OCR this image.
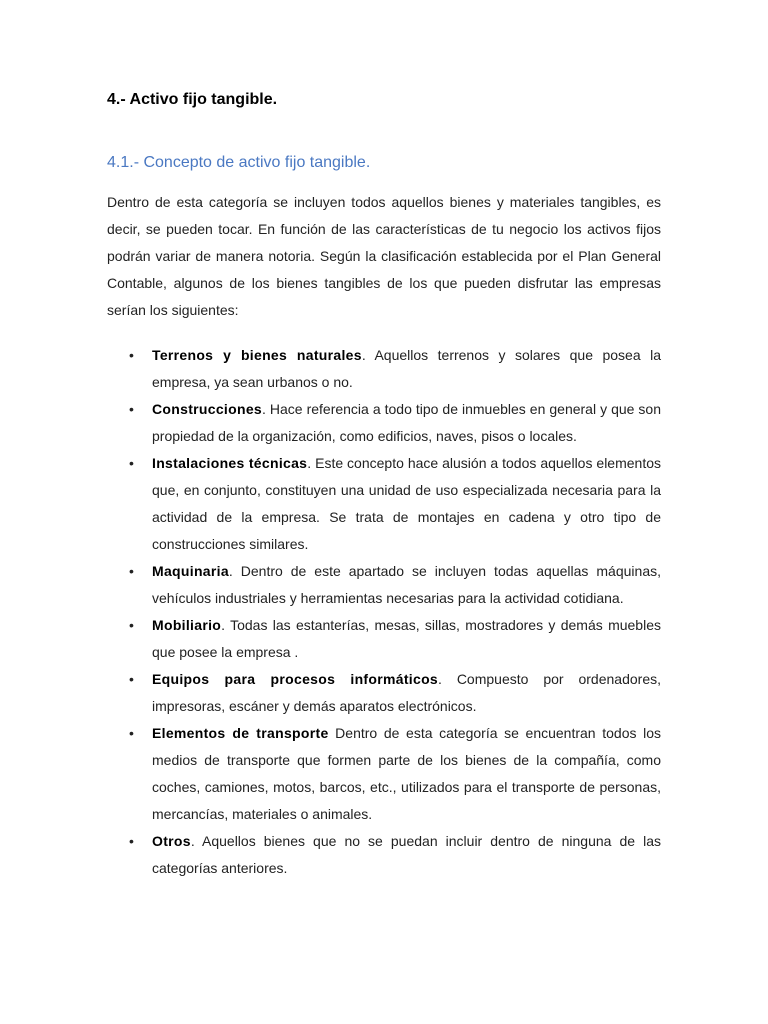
4.- Activo fijo tangible.
4.1.- Concepto de activo fijo tangible.

Dentro de esta categoría se incluyen todos aquellos bienes y materiales tangibles, es decir, se pueden tocar. En función de las características de tu negocio los activos fijos podrán variar de manera notoria. Según la clasificación establecida por el Plan General Contable, algunos de los bienes tangibles de los que pueden disfrutar las empresas serían los siguientes:

• Terrenos y bienes naturales. Aquellos terrenos y solares que posea la empresa, ya sean urbanos o no.
• Construcciones. Hace referencia a todo tipo de inmuebles en general y que son propiedad de la organización, como edificios, naves, pisos o locales.
• Instalaciones técnicas. Este concepto hace alusión a todos aquellos elementos que, en conjunto, constituyen una unidad de uso especializada necesaria para la actividad de la empresa. Se trata de montajes en cadena y otro tipo de construcciones similares.
• Maquinaria. Dentro de este apartado se incluyen todas aquellas máquinas, vehículos industriales y herramientas necesarias para la actividad cotidiana.
• Mobiliario. Todas las estanterías, mesas, sillas, mostradores y demás muebles que posee la empresa .
• Equipos para procesos informáticos. Compuesto por ordenadores, impresoras, escáner y demás aparatos electrónicos.
• Elementos de transporte Dentro de esta categoría se encuentran todos los medios de transporte que formen parte de los bienes de la compañía, como coches, camiones, motos, barcos, etc., utilizados para el transporte de personas, mercancías, materiales o animales.
• Otros. Aquellos bienes que no se puedan incluir dentro de ninguna de las categorías anteriores.
